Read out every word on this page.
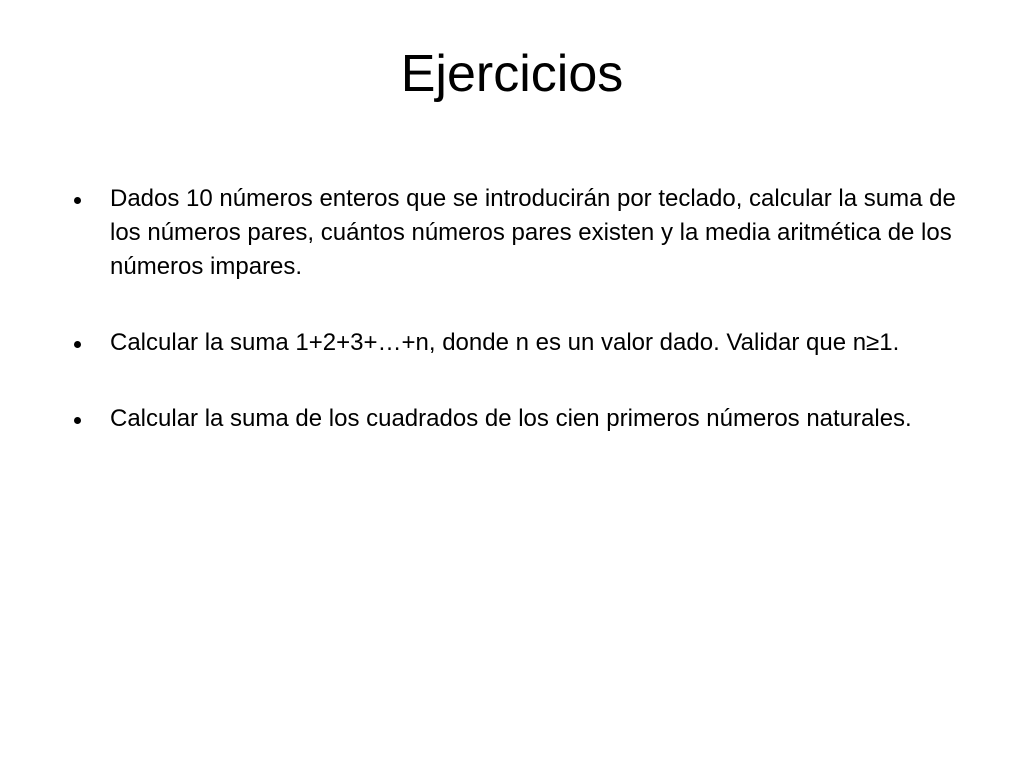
Ejercicios
Dados 10 números enteros que se introducirán por teclado, calcular la suma de los números pares, cuántos números pares existen y la media aritmética de los números impares.
Calcular la suma 1+2+3+…+n, donde n es un valor dado. Validar que n≥1.
Calcular la suma de los cuadrados de los cien primeros números naturales.
